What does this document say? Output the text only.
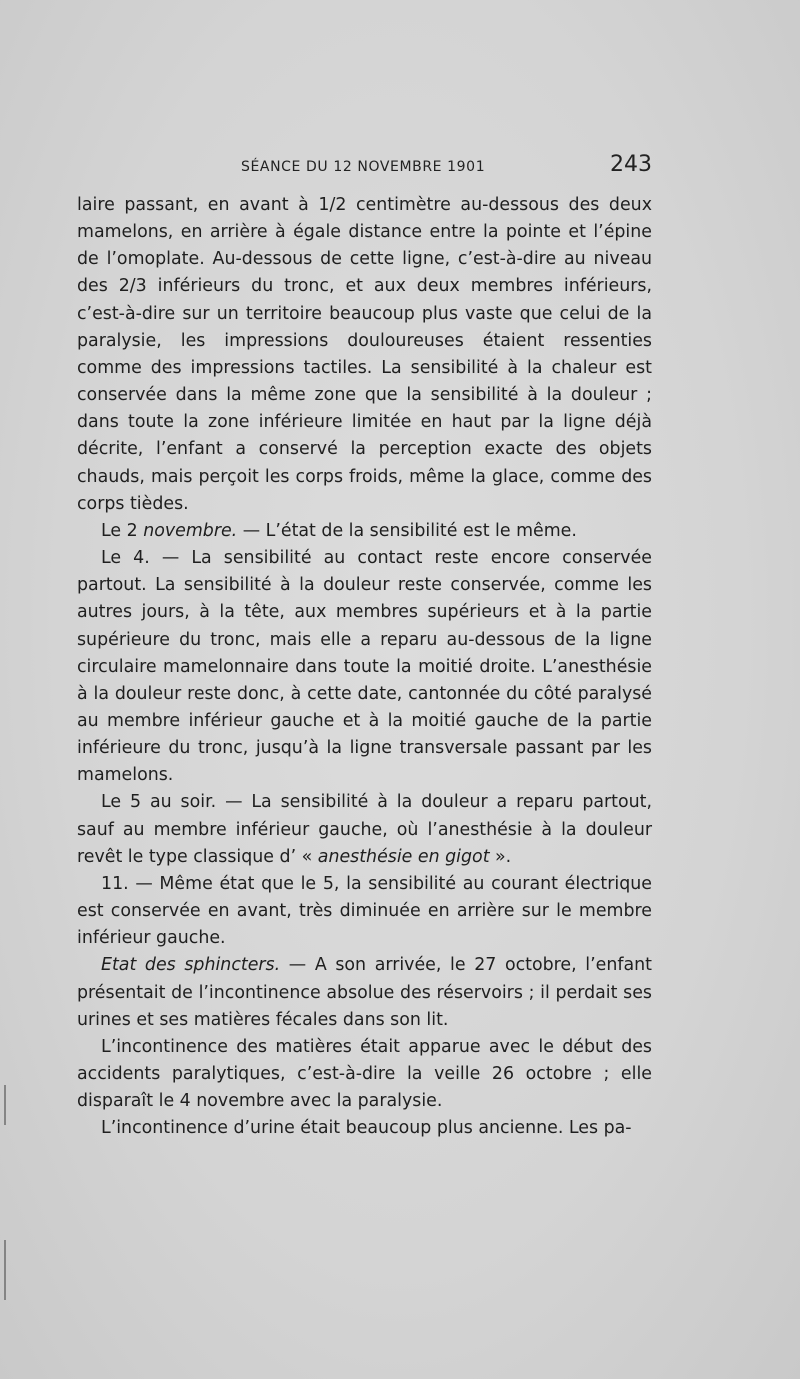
SÉANCE DU 12 NOVEMBRE 1901	243

laire passant, en avant à 1/2 centimètre au-dessous des deux mamelons, en arrière à égale distance entre la pointe et l’épine de l’omoplate. Au-dessous de cette ligne, c’est-à-dire au niveau des 2/3 inférieurs du tronc, et aux deux membres inférieurs, c’est-à-dire sur un territoire beaucoup plus vaste que celui de la paralysie, les impressions douloureuses étaient ressenties comme des impressions tactiles. La sensibilité à la chaleur est conservée dans la même zone que la sensibilité à la douleur ; dans toute la zone inférieure limitée en haut par la ligne déjà décrite, l’enfant a conservé la perception exacte des objets chauds, mais perçoit les corps froids, même la glace, comme des corps tièdes.

Le 2 novembre. — L’état de la sensibilité est le même.

Le 4. — La sensibilité au contact reste encore conservée partout. La sensibilité à la douleur reste conservée, comme les autres jours, à la tête, aux membres supérieurs et à la partie supérieure du tronc, mais elle a reparu au-dessous de la ligne circulaire mamelonnaire dans toute la moitié droite. L’anesthésie à la douleur reste donc, à cette date, cantonnée du côté paralysé au membre inférieur gauche et à la moitié gauche de la partie inférieure du tronc, jusqu’à la ligne transversale passant par les mamelons.

Le 5 au soir. — La sensibilité à la douleur a reparu partout, sauf au membre inférieur gauche, où l’anesthésie à la douleur revêt le type classique d’ « anesthésie en gigot ».

11. — Même état que le 5, la sensibilité au courant électrique est conservée en avant, très diminuée en arrière sur le membre inférieur gauche.

Etat des sphincters. — A son arrivée, le 27 octobre, l’enfant présentait de l’incontinence absolue des réservoirs ; il perdait ses urines et ses matières fécales dans son lit.

L’incontinence des matières était apparue avec le début des accidents paralytiques, c’est-à-dire la veille 26 octobre ; elle disparaît le 4 novembre avec la paralysie.

L’incontinence d’urine était beaucoup plus ancienne. Les pa-
